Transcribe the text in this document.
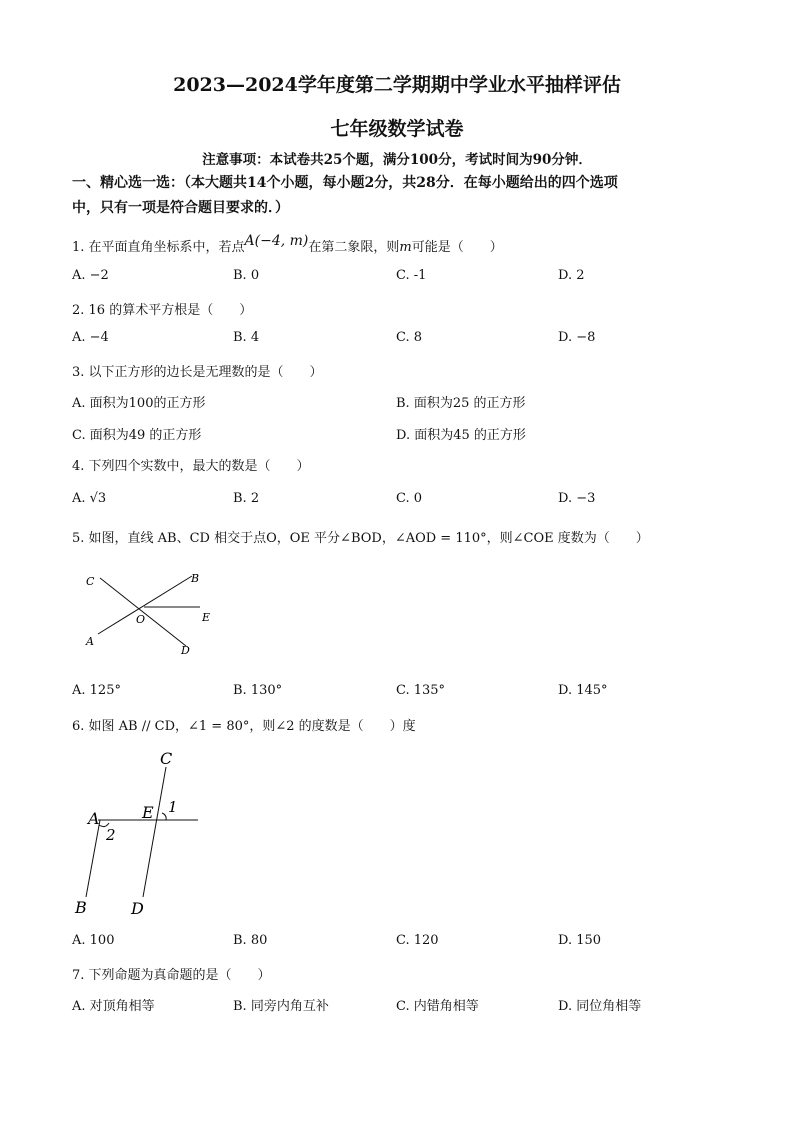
2023—2024学年度第二学期期中学业水平抽样评估
七年级数学试卷
注意事项：本试卷共25个题，满分100分，考试时间为90分钟．
一、精心选一选：（本大题共14个小题，每小题2分，共28分．在每小题给出的四个选项
中，只有一项是符合题目要求的．）
1. 在平面直角坐标系中，若点A(−4, m)在第二象限，则m可能是（　　）
A. −2	B. 0	C. -1	D. 2
2. 16 的算术平方根是（　　）
A. −4	B. 4	C. 8	D. −8
3. 以下正方形的边长是无理数的是（　　）
A. 面积为100的正方形	B. 面积为25 的正方形
C. 面积为49 的正方形	D. 面积为45 的正方形
4. 下列四个实数中，最大的数是（　　）
A. √3	B. 2	C. 0	D. −3
5. 如图，直线 AB、CD 相交于点O，OE 平分∠BOD，∠AOD = 110°，则∠COE 度数为（　　）
C	B
O	E
A
D
A. 125°	B. 130°	C. 135°	D. 145°
6. 如图 AB // CD，∠1 = 80°，则∠2 的度数是（　　）度
C
A	E 1
2
B	D
A. 100	B. 80	C. 120	D. 150
7. 下列命题为真命题的是（　　）
A. 对顶角相等	B. 同旁内角互补	C. 内错角相等	D. 同位角相等
